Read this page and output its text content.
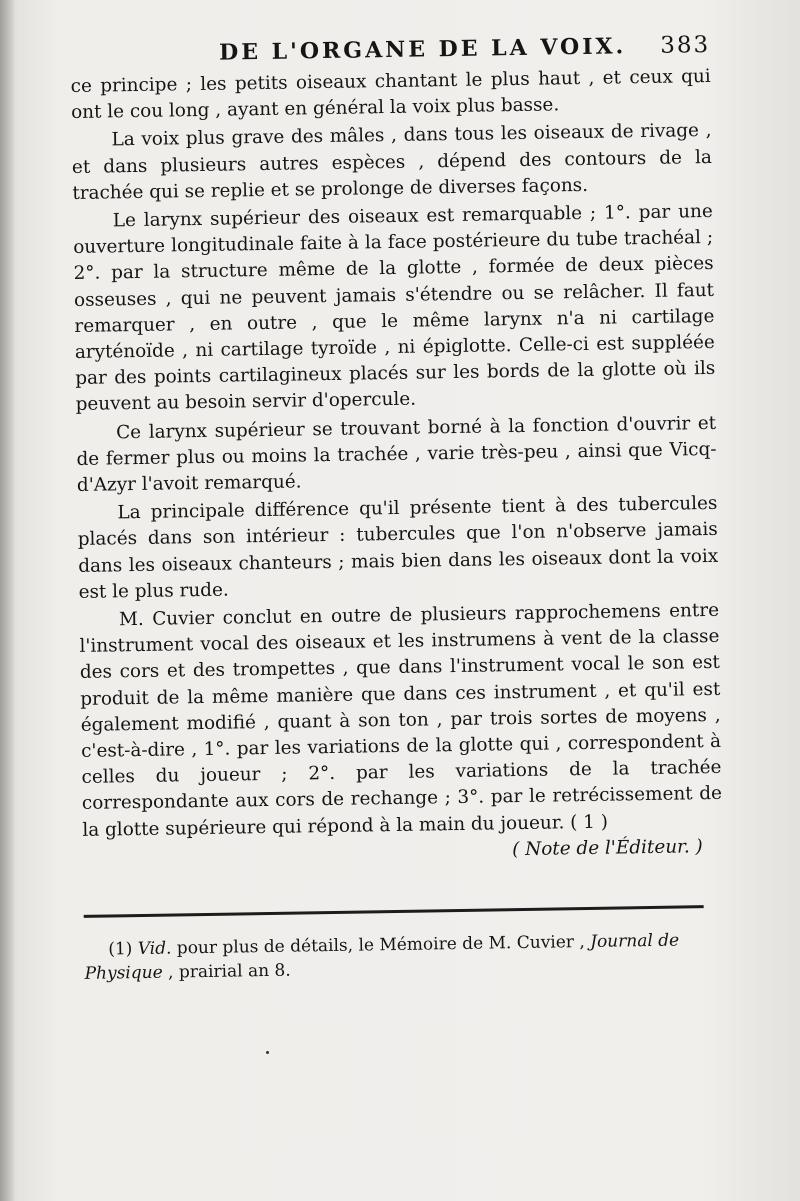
DE L'ORGANE DE LA VOIX. 383

ce principe ; les petits oiseaux chantant le plus haut , et ceux qui ont le cou long , ayant en général la voix plus basse.

La voix plus grave des mâles , dans tous les oiseaux de rivage , et dans plusieurs autres espèces , dépend des contours de la trachée qui se replie et se prolonge de diverses façons.

Le larynx supérieur des oiseaux est remarquable ; 1°. par une ouverture longitudinale faite à la face postérieure du tube trachéal ; 2°. par la structure même de la glotte , formée de deux pièces osseuses , qui ne peuvent jamais s'étendre ou se relâcher. Il faut remarquer , en outre , que le même larynx n'a ni cartilage aryténoïde , ni cartilage tyroïde , ni épiglotte. Celle-ci est suppléée par des points cartilagineux placés sur les bords de la glotte où ils peuvent au besoin servir d'opercule.

Ce larynx supérieur se trouvant borné à la fonction d'ouvrir et de fermer plus ou moins la trachée , varie très-peu , ainsi que Vicq-d'Azyr l'avoit remarqué.

La principale différence qu'il présente tient à des tubercules placés dans son intérieur : tubercules que l'on n'observe jamais dans les oiseaux chanteurs ; mais bien dans les oiseaux dont la voix est le plus rude.

M. Cuvier conclut en outre de plusieurs rapprochemens entre l'instrument vocal des oiseaux et les instrumens à vent de la classe des cors et des trompettes , que dans l'instrument vocal le son est produit de la même manière que dans ces instrument , et qu'il est également modifié , quant à son ton , par trois sortes de moyens , c'est-à-dire , 1°. par les variations de la glotte qui , correspondent à celles du joueur ; 2°. par les variations de la trachée correspondante aux cors de rechange ; 3°. par le retrécissement de la glotte supérieure qui répond à la main du joueur. ( 1 )

( Note de l'Éditeur. )
(1) Vid. pour plus de détails, le Mémoire de M. Cuvier , Journal de Physique , prairial an 8.
